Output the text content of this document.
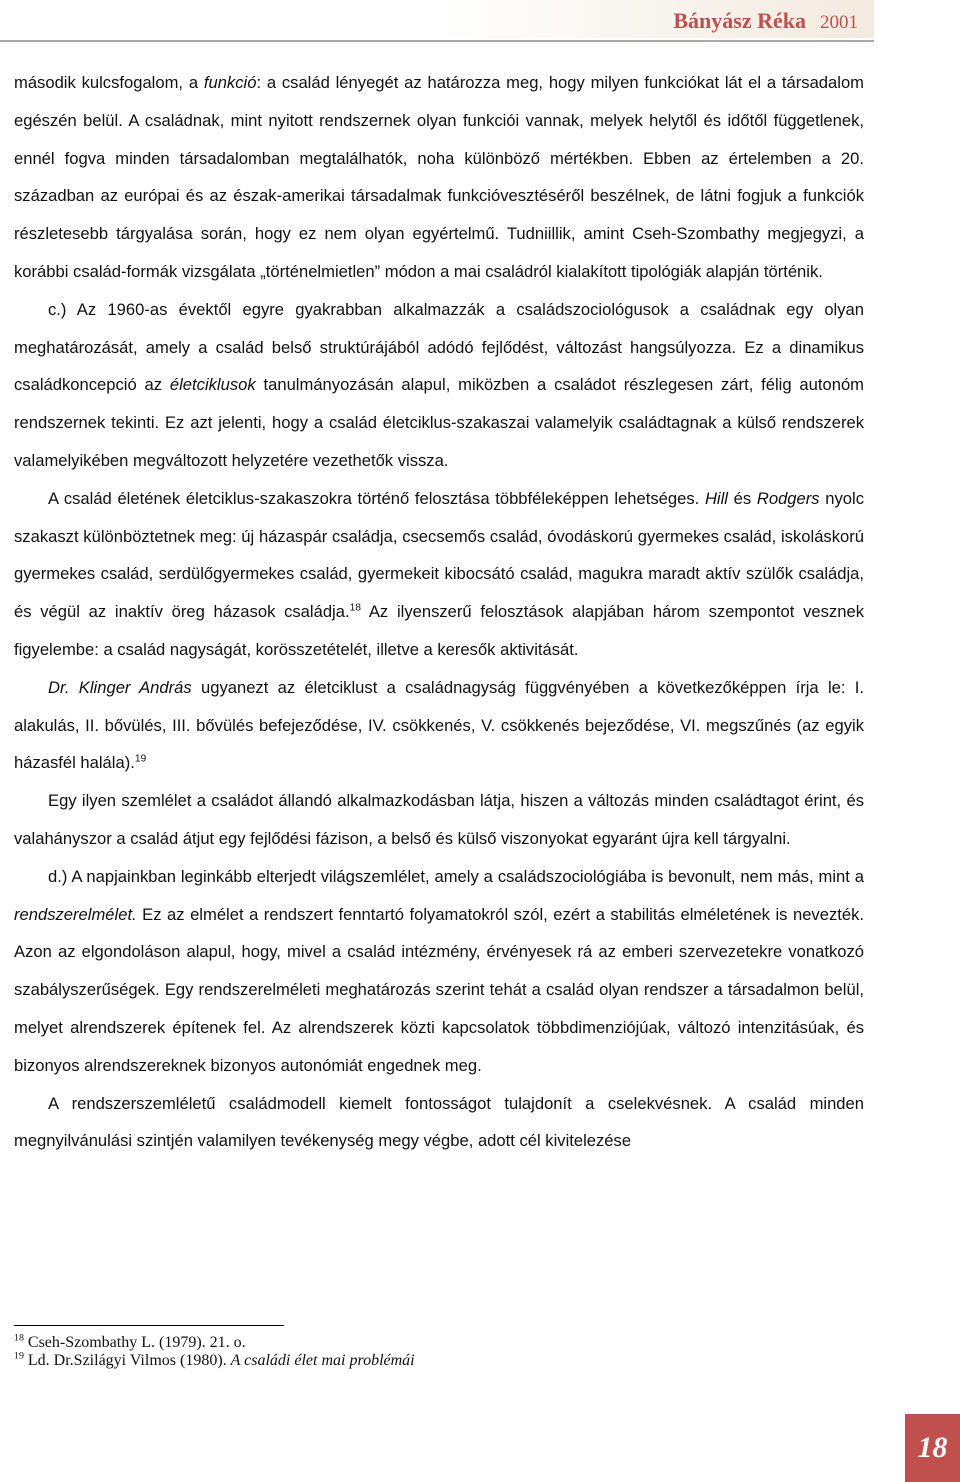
Bányász Réka 2001

második kulcsfogalom, a funkció: a család lényegét az határozza meg, hogy milyen funkciókat lát el a társadalom egészén belül. A családnak, mint nyitott rendszernek olyan funkciói vannak, melyek helytől és időtől függetlenek, ennél fogva minden társadalomban megtalálhatók, noha különböző mértékben. Ebben az értelemben a 20. században az európai és az észak-amerikai társadalmak funkcióvesztéséről beszélnek, de látni fogjuk a funkciók részletesebb tárgyalása során, hogy ez nem olyan egyértelmű. Tudniillik, amint Cseh-Szombathy megjegyzi, a korábbi család-formák vizsgálata „történelmietlen” módon a mai családról kialakított tipológiák alapján történik.

c.) Az 1960-as évektől egyre gyakrabban alkalmazzák a családszociológusok a családnak egy olyan meghatározását, amely a család belső struktúrájából adódó fejlődést, változást hangsúlyozza. Ez a dinamikus családkoncepció az életciklusok tanulmányozásán alapul, miközben a családot részlegesen zárt, félig autonóm rendszernek tekinti. Ez azt jelenti, hogy a család életciklus-szakaszai valamelyik családtagnak a külső rendszerek valamelyikében megváltozott helyzetére vezethetők vissza.

A család életének életciklus-szakaszokra történő felosztása többféleképpen lehetséges. Hill és Rodgers nyolc szakaszt különböztetnek meg: új házaspár családja, csecsemős család, óvodáskorú gyermekes család, iskoláskorú gyermekes család, serdülőgyermekes család, gyermekeit kibocsátó család, magukra maradt aktív szülők családja, és végül az inaktív öreg házasok családja.$^{18}$ Az ilyenszerű felosztások alapjában három szempontot vesznek figyelembe: a család nagyságát, korösszetételét, illetve a keresők aktivitását.

Dr. Klinger András ugyanezt az életciklust a családnagyság függvényében a következőképpen írja le: I. alakulás, II. bővülés, III. bővülés befejeződése, IV. csökkenés, V. csökkenés bejeződése, VI. megszűnés (az egyik házasfél halála).$^{19}$

Egy ilyen szemlélet a családot állandó alkalmazkodásban látja, hiszen a változás minden családtagot érint, és valahányszor a család átjut egy fejlődési fázison, a belső és külső viszonyokat egyaránt újra kell tárgyalni.

d.) A napjainkban leginkább elterjedt világszemlélet, amely a családszociológiába is bevonult, nem más, mint a rendszerelmélet. Ez az elmélet a rendszert fenntartó folyamatokról szól, ezért a stabilitás elméletének is nevezték. Azon az elgondoláson alapul, hogy, mivel a család intézmény, érvényesek rá az emberi szervezetekre vonatkozó szabályszerűségek. Egy rendszerelméleti meghatározás szerint tehát a család olyan rendszer a társadalmon belül, melyet alrendszerek építenek fel. Az alrendszerek közti kapcsolatok többdimenziójúak, változó intenzitásúak, és bizonyos alrendszereknek bizonyos autonómiát engednek meg.

A rendszerszemléletű családmodell kiemelt fontosságot tulajdonít a cselekvésnek. A család minden megnyilvánulási szintjén valamilyen tevékenység megy végbe, adott cél kivitelezése

$^{18}$ Cseh-Szombathy L. (1979). 21. o.

$^{19}$ Ld. Dr.Szilágyi Vilmos (1980). A családi élet mai problémái

18
